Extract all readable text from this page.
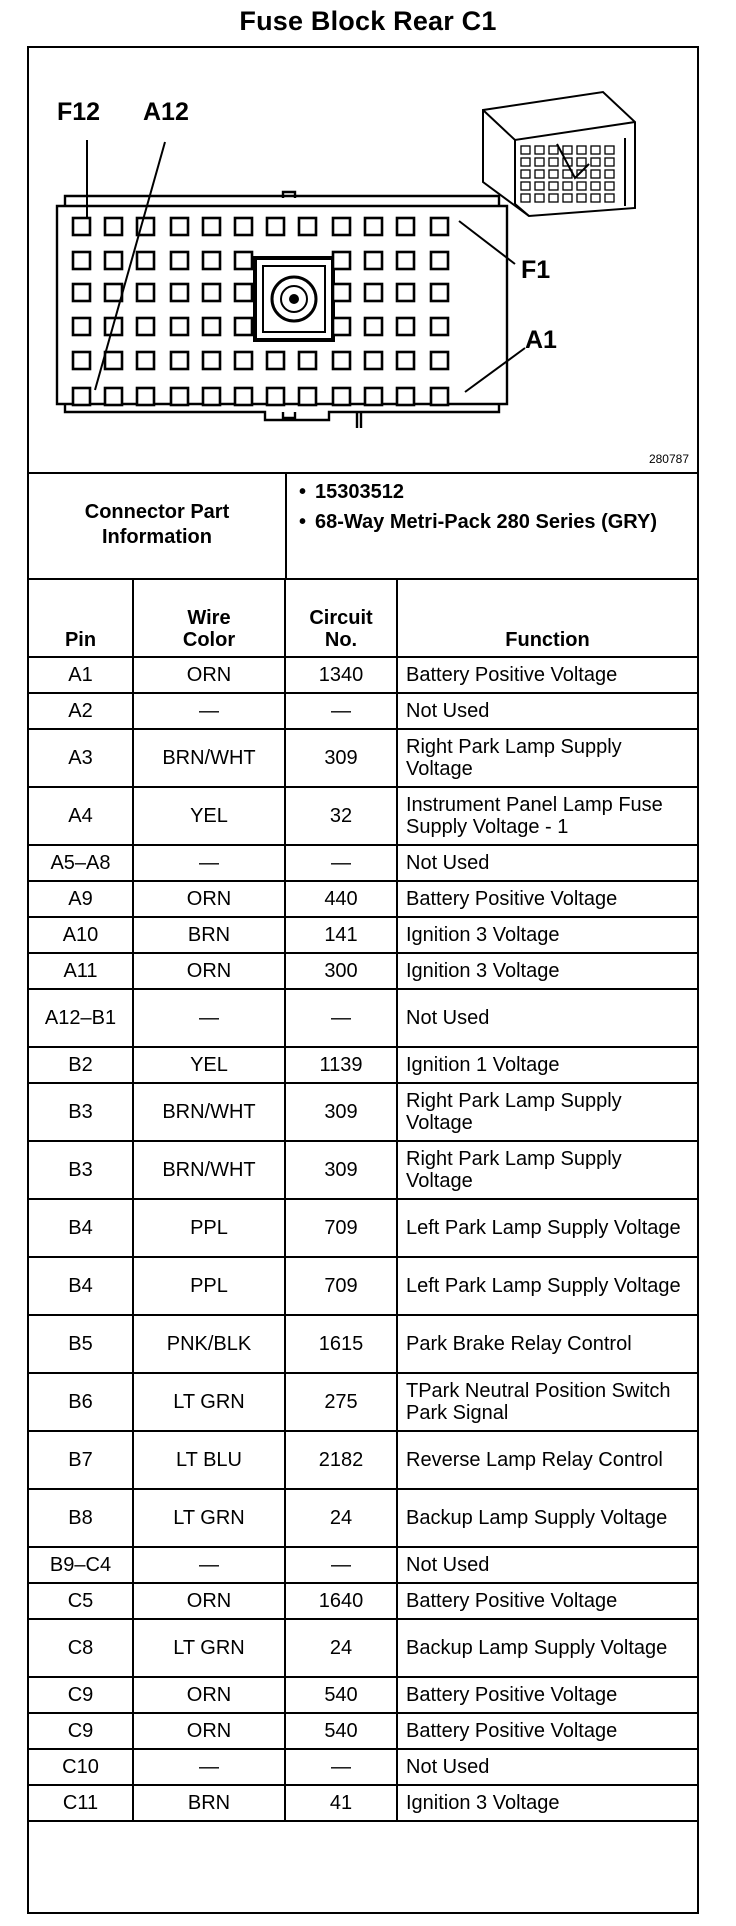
Fuse Block Rear C1
F12 A12
F1
A1
280787
Connector Part Information
• 15303512
• 68-Way Metri-Pack 280 Series (GRY)
Pin	Wire Color	Circuit No.	Function
A1	ORN	1340	Battery Positive Voltage
A2	—	—	Not Used
A3	BRN/WHT	309	Right Park Lamp Supply Voltage
A4	YEL	32	Instrument Panel Lamp Fuse Supply Voltage - 1
A5–A8	—	—	Not Used
A9	ORN	440	Battery Positive Voltage
A10	BRN	141	Ignition 3 Voltage
A11	ORN	300	Ignition 3 Voltage
A12–B1	—	—	Not Used
B2	YEL	1139	Ignition 1 Voltage
B3	BRN/WHT	309	Right Park Lamp Supply Voltage
B3	BRN/WHT	309	Right Park Lamp Supply Voltage
B4	PPL	709	Left Park Lamp Supply Voltage
B4	PPL	709	Left Park Lamp Supply Voltage
B5	PNK/BLK	1615	Park Brake Relay Control
B6	LT GRN	275	TPark Neutral Position Switch Park Signal
B7	LT BLU	2182	Reverse Lamp Relay Control
B8	LT GRN	24	Backup Lamp Supply Voltage
B9–C4	—	—	Not Used
C5	ORN	1640	Battery Positive Voltage
C8	LT GRN	24	Backup Lamp Supply Voltage
C9	ORN	540	Battery Positive Voltage
C9	ORN	540	Battery Positive Voltage
C10	—	—	Not Used
C11	BRN	41	Ignition 3 Voltage
